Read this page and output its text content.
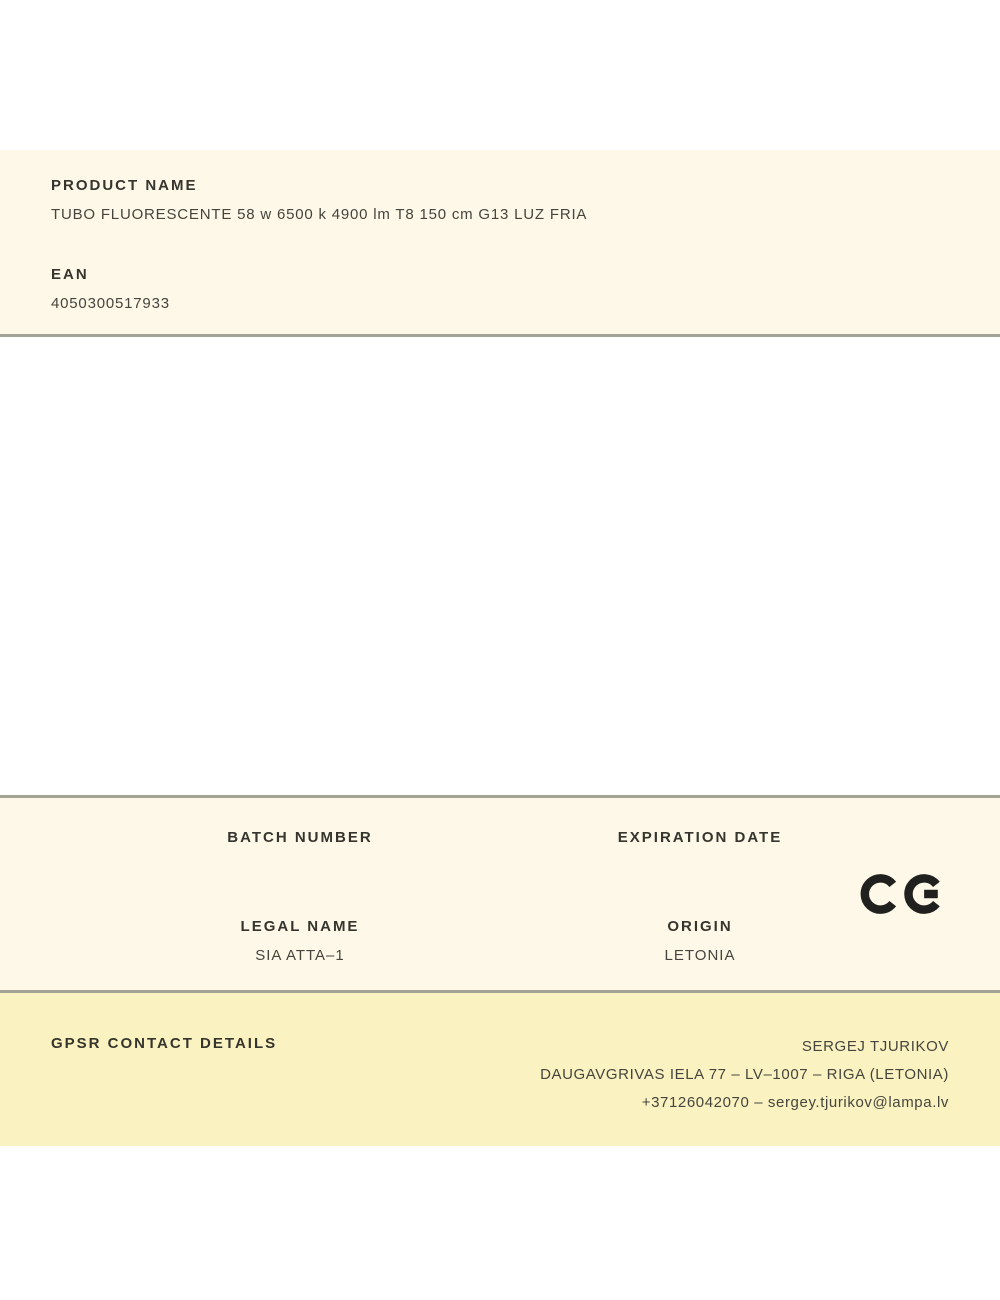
PRODUCT NAME
TUBO FLUORESCENTE 58 w 6500 k 4900 lm T8 150 cm G13 LUZ FRIA
EAN
4050300517933
BATCH NUMBER	EXPIRATION DATE
LEGAL NAME
SIA ATTA–1
ORIGIN
LETONIA
GPSR CONTACT DETAILS	SERGEJ TJURIKOV
DAUGAVGRIVAS IELA 77 – LV–1007 – RIGA (LETONIA)
+37126042070 – sergey.tjurikov@lampa.lv
